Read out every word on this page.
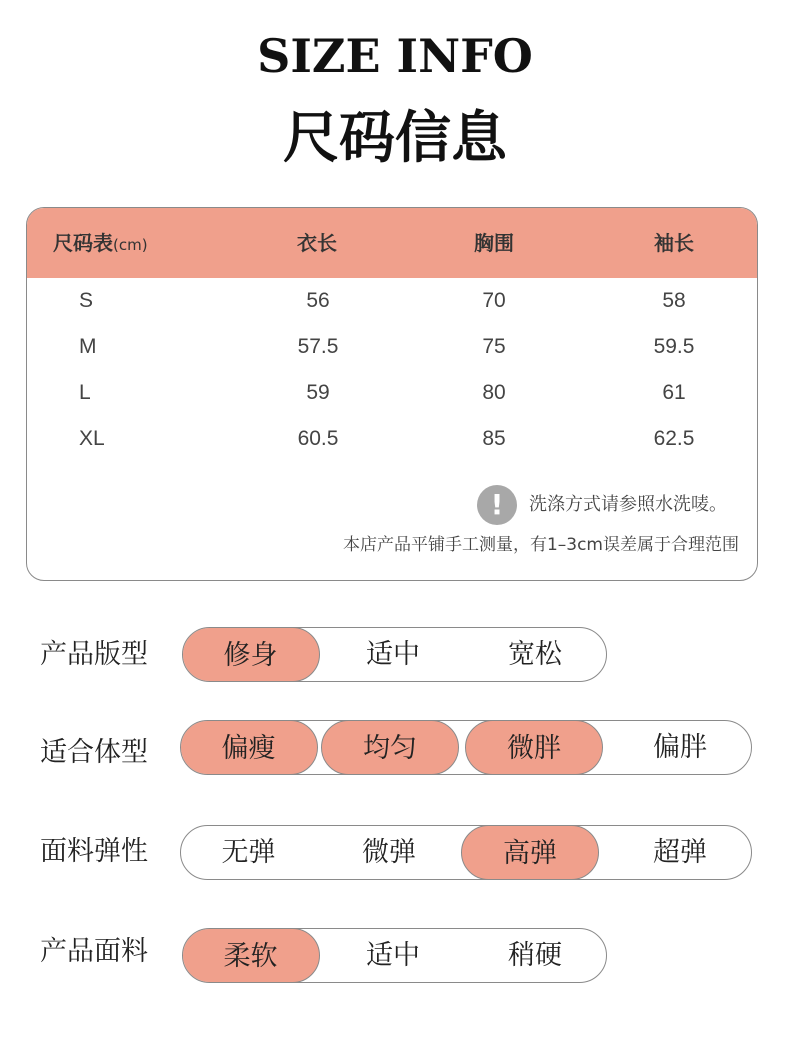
SIZE INFO
尺码信息
尺码表(cm)	衣长	胸围	袖长
S	56	70	58
M	57.5	75	59.5
L	59	80	61
XL	60.5	85	62.5
!	洗涤方式请参照水洗唛。
本店产品平铺手工测量，有1–3cm误差属于合理范围
产品版型	修身	适中	宽松
适合体型	偏瘦	均匀	微胖	偏胖
面料弹性	无弹	微弹	高弹	超弹
产品面料	柔软	适中	稍硬
